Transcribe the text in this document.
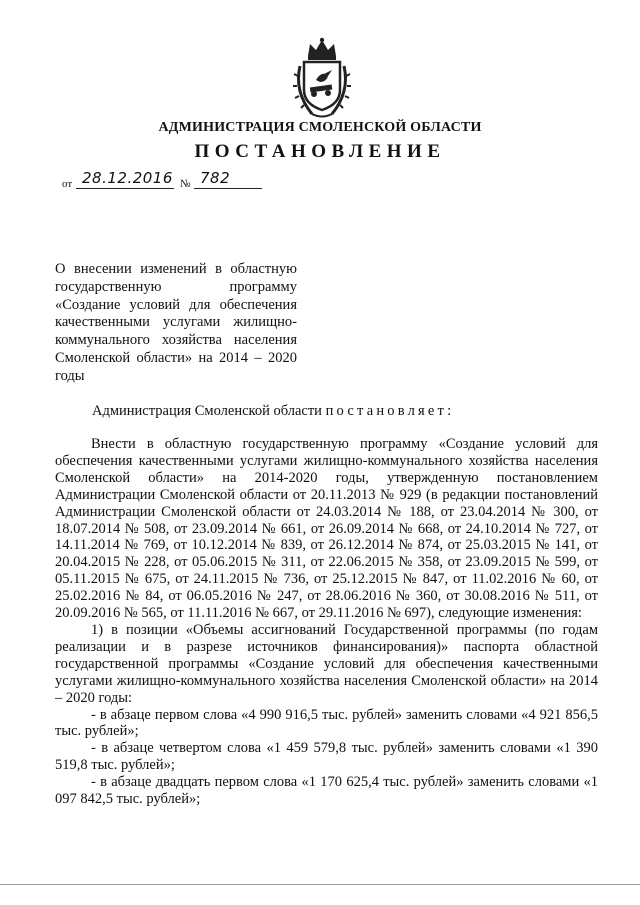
АДМИНИСТРАЦИЯ СМОЛЕНСКОЙ ОБЛАСТИ
ПОСТАНОВЛЕНИЕ
от 28.12.2016 № 782
О внесении изменений в областную государственную программу «Создание условий для обеспечения качественными услугами жилищно-коммунального хозяйства населения Смоленской области» на 2014 – 2020 годы
Администрация Смоленской области постановляет:

Внести в областную государственную программу «Создание условий для обеспечения качественными услугами жилищно-коммунального хозяйства населения Смоленской области» на 2014-2020 годы, утвержденную постановлением Администрации Смоленской области от 20.11.2013 № 929 (в редакции постановлений Администрации Смоленской области от 24.03.2014 № 188, от 23.04.2014 № 300, от 18.07.2014 № 508, от 23.09.2014 № 661, от 26.09.2014 № 668, от 24.10.2014 № 727, от 14.11.2014 № 769, от 10.12.2014 № 839, от 26.12.2014 № 874, от 25.03.2015 № 141, от 20.04.2015 № 228, от 05.06.2015 № 311, от 22.06.2015 № 358, от 23.09.2015 № 599, от 05.11.2015 № 675, от 24.11.2015 № 736, от 25.12.2015 № 847, от 11.02.2016 № 60, от 25.02.2016 № 84, от 06.05.2016 № 247, от 28.06.2016 № 360, от 30.08.2016 № 511, от 20.09.2016 № 565, от 11.11.2016 № 667, от 29.11.2016 № 697), следующие изменения:

1) в позиции «Объемы ассигнований Государственной программы (по годам реализации и в разрезе источников финансирования)» паспорта областной государственной программы «Создание условий для обеспечения качественными услугами жилищно-коммунального хозяйства населения Смоленской области» на 2014 – 2020 годы:

- в абзаце первом слова «4 990 916,5 тыс. рублей» заменить словами «4 921 856,5 тыс. рублей»;

- в абзаце четвертом слова «1 459 579,8 тыс. рублей» заменить словами «1 390 519,8 тыс. рублей»;

- в абзаце двадцать первом слова «1 170 625,4 тыс. рублей» заменить словами «1 097 842,5 тыс. рублей»;
